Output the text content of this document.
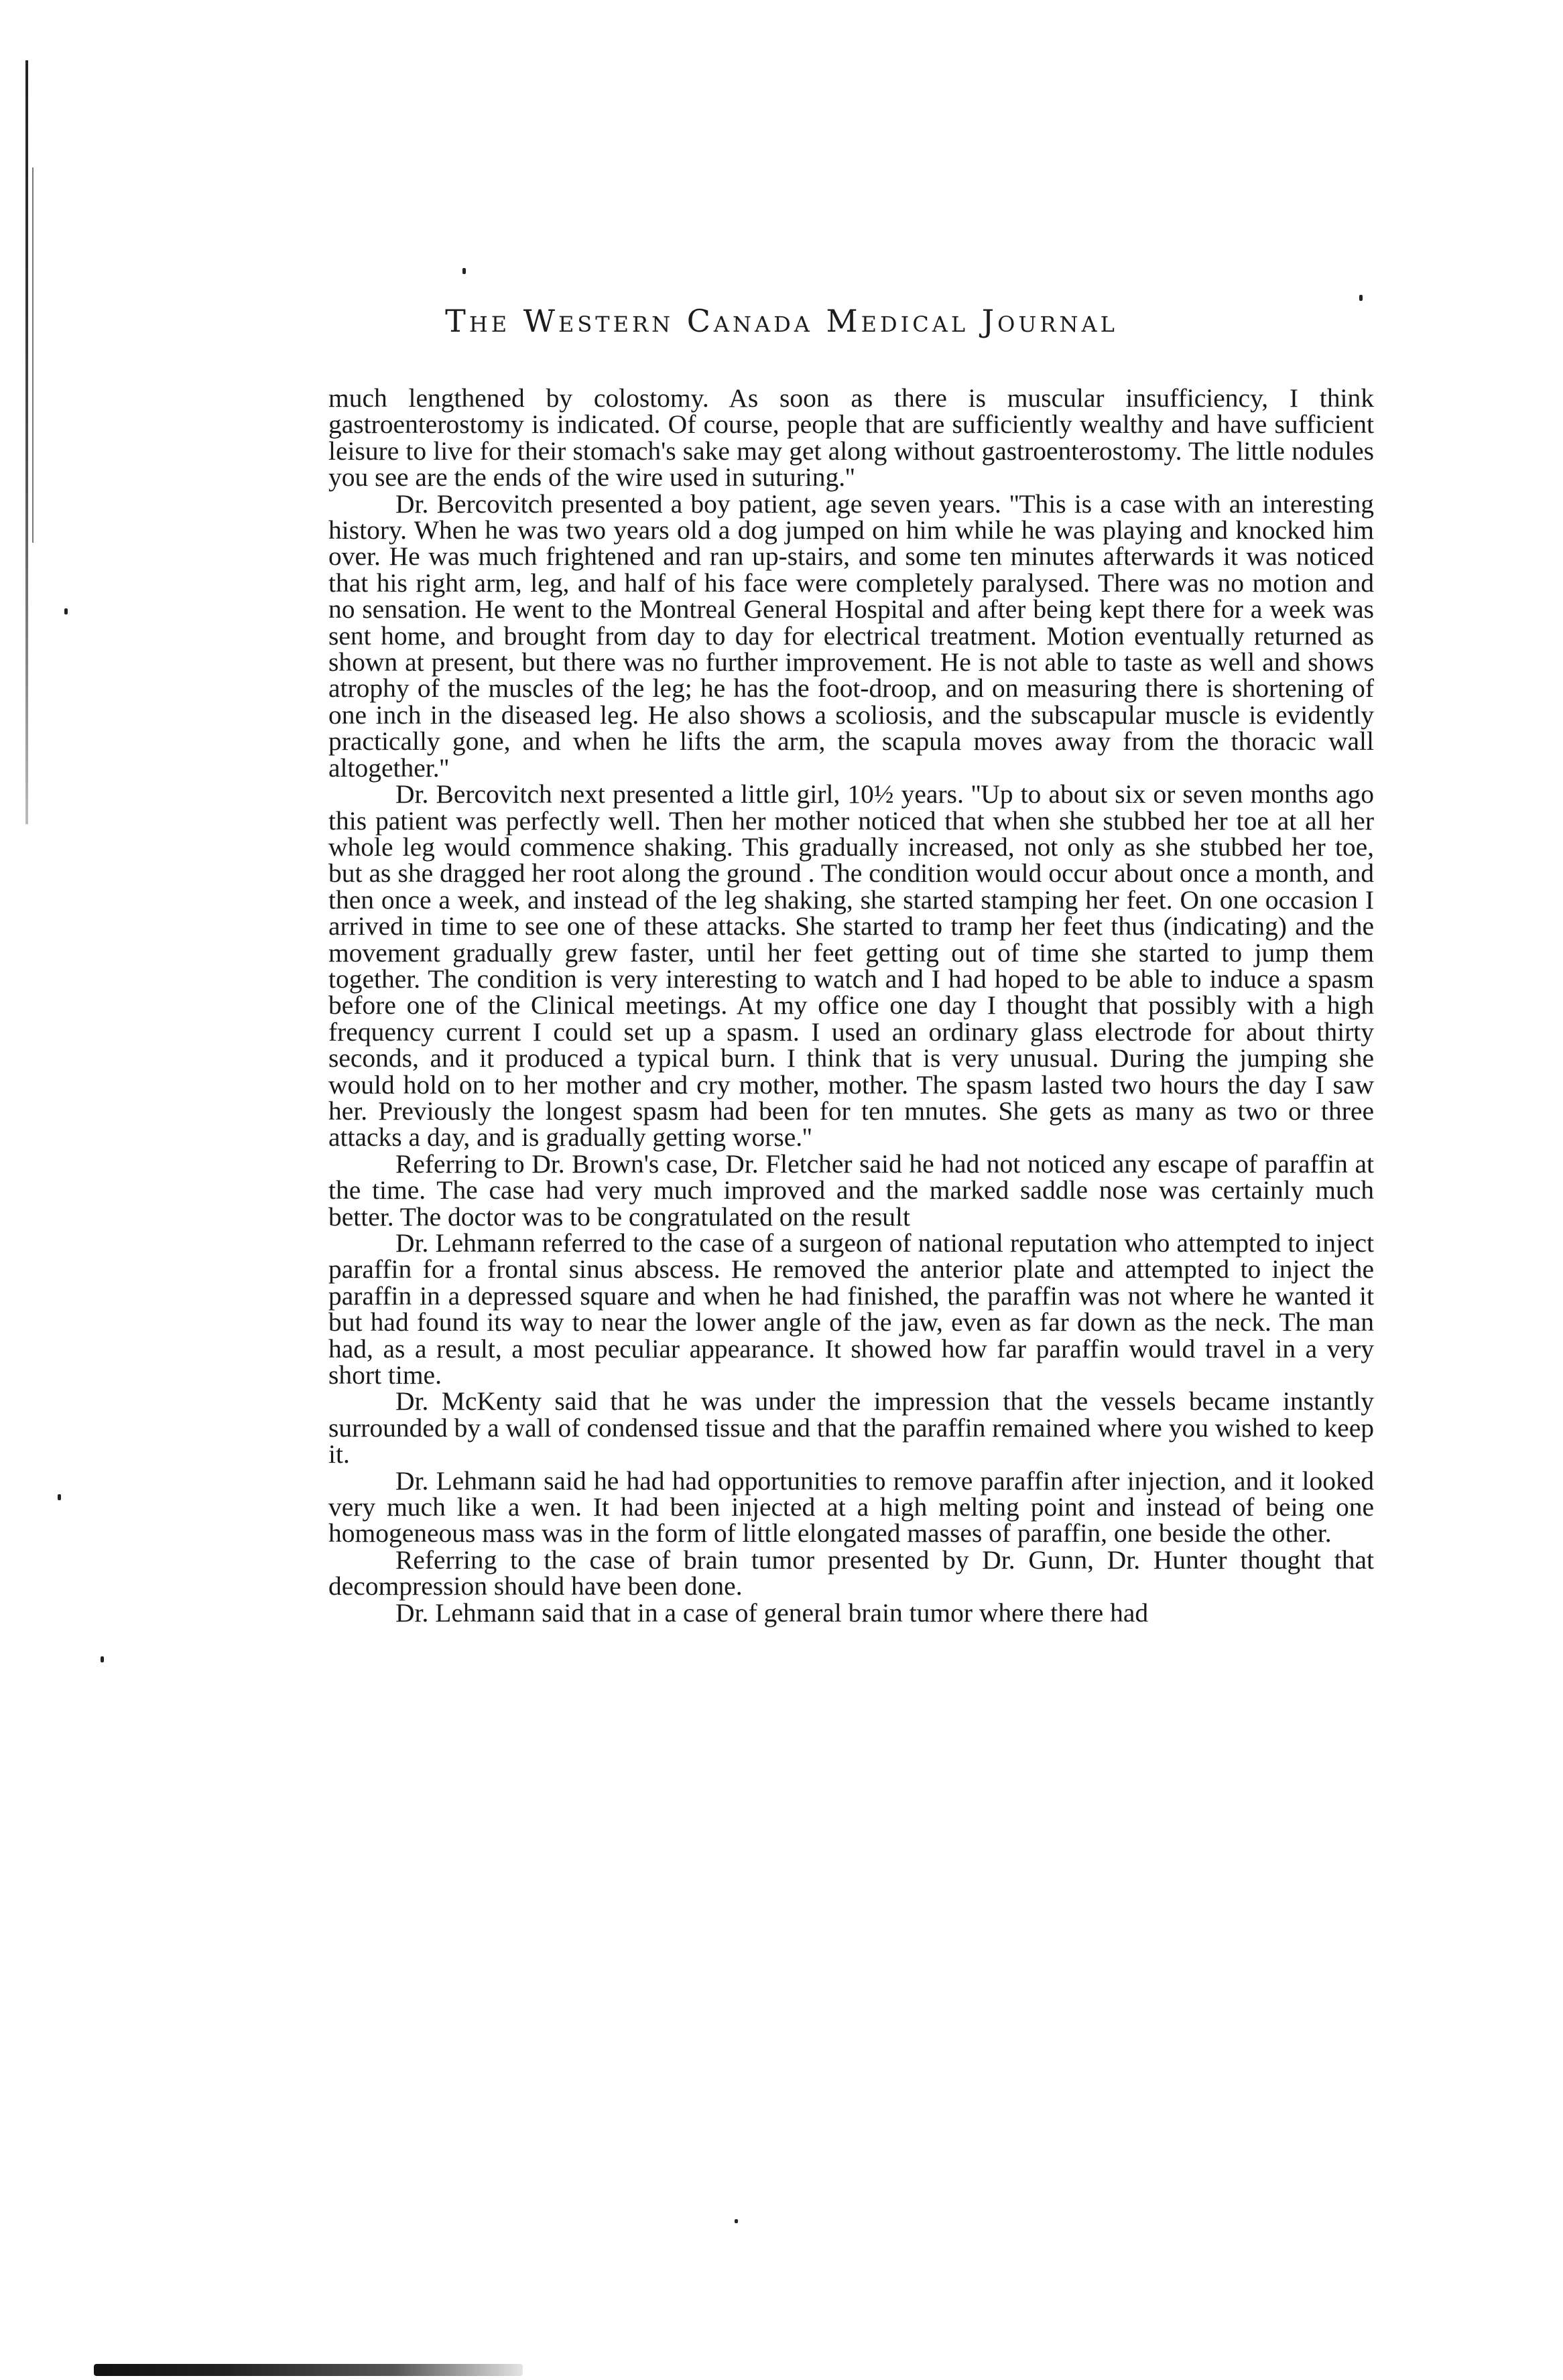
The Western Canada Medical Journal

much lengthened by colostomy. As soon as there is muscular insufficiency, I think gastroenterostomy is indicated. Of course, people that are sufficiently wealthy and have sufficient leisure to live for their stomach's sake may get along without gastroenterostomy. The little nodules you see are the ends of the wire used in suturing.''

Dr. Bercovitch presented a boy patient, age seven years. ''This is a case with an interesting history. When he was two years old a dog jumped on him while he was playing and knocked him over. He was much frightened and ran up-stairs, and some ten minutes afterwards it was noticed that his right arm, leg, and half of his face were completely paralysed. There was no motion and no sensation. He went to the Montreal General Hospital and after being kept there for a week was sent home, and brought from day to day for electrical treatment. Motion eventually returned as shown at present, but there was no further improvement. He is not able to taste as well and shows atrophy of the muscles of the leg; he has the foot-droop, and on measuring there is shortening of one inch in the diseased leg. He also shows a scoliosis, and the subscapular muscle is evidently practically gone, and when he lifts the arm, the scapula moves away from the thoracic wall altogether.''

Dr. Bercovitch next presented a little girl, 10½ years. ''Up to about six or seven months ago this patient was perfectly well. Then her mother noticed that when she stubbed her toe at all her whole leg would commence shaking. This gradually increased, not only as she stubbed her toe, but as she dragged her root along the ground . The condition would occur about once a month, and then once a week, and instead of the leg shaking, she started stamping her feet. On one occasion I arrived in time to see one of these attacks. She started to tramp her feet thus (indicating) and the movement gradually grew faster, until her feet getting out of time she started to jump them together. The condition is very interesting to watch and I had hoped to be able to induce a spasm before one of the Clinical meetings. At my office one day I thought that possibly with a high frequency current I could set up a spasm. I used an ordinary glass electrode for about thirty seconds, and it produced a typical burn. I think that is very unusual. During the jumping she would hold on to her mother and cry mother, mother. The spasm lasted two hours the day I saw her. Previously the longest spasm had been for ten mnutes. She gets as many as two or three attacks a day, and is gradually getting worse.''

Referring to Dr. Brown's case, Dr. Fletcher said he had not noticed any escape of paraffin at the time. The case had very much improved and the marked saddle nose was certainly much better. The doctor was to be congratulated on the result

Dr. Lehmann referred to the case of a surgeon of national reputation who attempted to inject paraffin for a frontal sinus abscess. He removed the anterior plate and attempted to inject the paraffin in a depressed square and when he had finished, the paraffin was not where he wanted it but had found its way to near the lower angle of the jaw, even as far down as the neck. The man had, as a result, a most peculiar appearance. It showed how far paraffin would travel in a very short time.

Dr. McKenty said that he was under the impression that the vessels became instantly surrounded by a wall of condensed tissue and that the paraffin remained where you wished to keep it.

Dr. Lehmann said he had had opportunities to remove paraffin after injection, and it looked very much like a wen. It had been injected at a high melting point and instead of being one homogeneous mass was in the form of little elongated masses of paraffin, one beside the other.

Referring to the case of brain tumor presented by Dr. Gunn, Dr. Hunter thought that decompression should have been done.

Dr. Lehmann said that in a case of general brain tumor where there had
